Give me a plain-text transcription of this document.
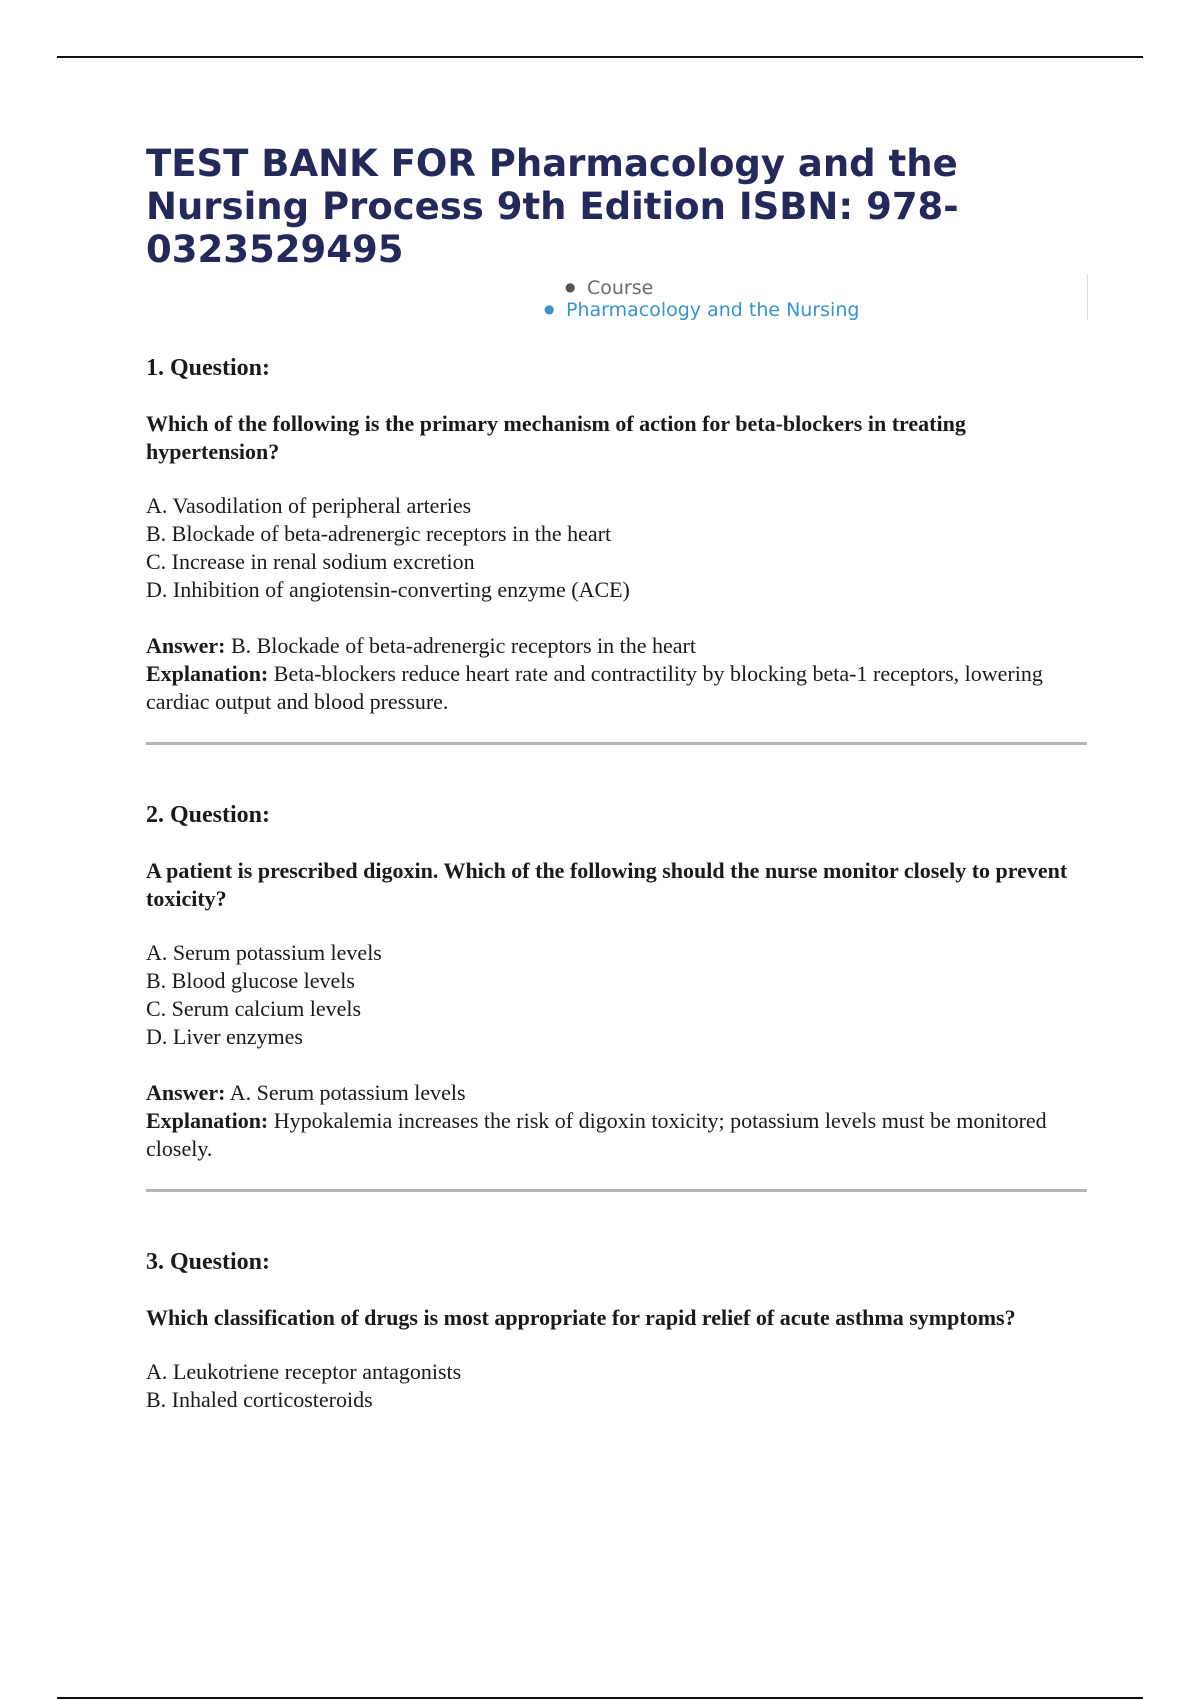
TEST BANK FOR Pharmacology and the Nursing Process 9th Edition ISBN: 978-0323529495
● Course
● Pharmacology and the Nursing

1. Question:

Which of the following is the primary mechanism of action for beta-blockers in treating hypertension?

A. Vasodilation of peripheral arteries
B. Blockade of beta-adrenergic receptors in the heart
C. Increase in renal sodium excretion
D. Inhibition of angiotensin-converting enzyme (ACE)

Answer: B. Blockade of beta-adrenergic receptors in the heart

Explanation: Beta-blockers reduce heart rate and contractility by blocking beta-1 receptors, lowering cardiac output and blood pressure.

2. Question:

A patient is prescribed digoxin. Which of the following should the nurse monitor closely to prevent toxicity?

A. Serum potassium levels
B. Blood glucose levels
C. Serum calcium levels
D. Liver enzymes

Answer: A. Serum potassium levels

Explanation: Hypokalemia increases the risk of digoxin toxicity; potassium levels must be monitored closely.

3. Question:

Which classification of drugs is most appropriate for rapid relief of acute asthma symptoms?

A. Leukotriene receptor antagonists
B. Inhaled corticosteroids
